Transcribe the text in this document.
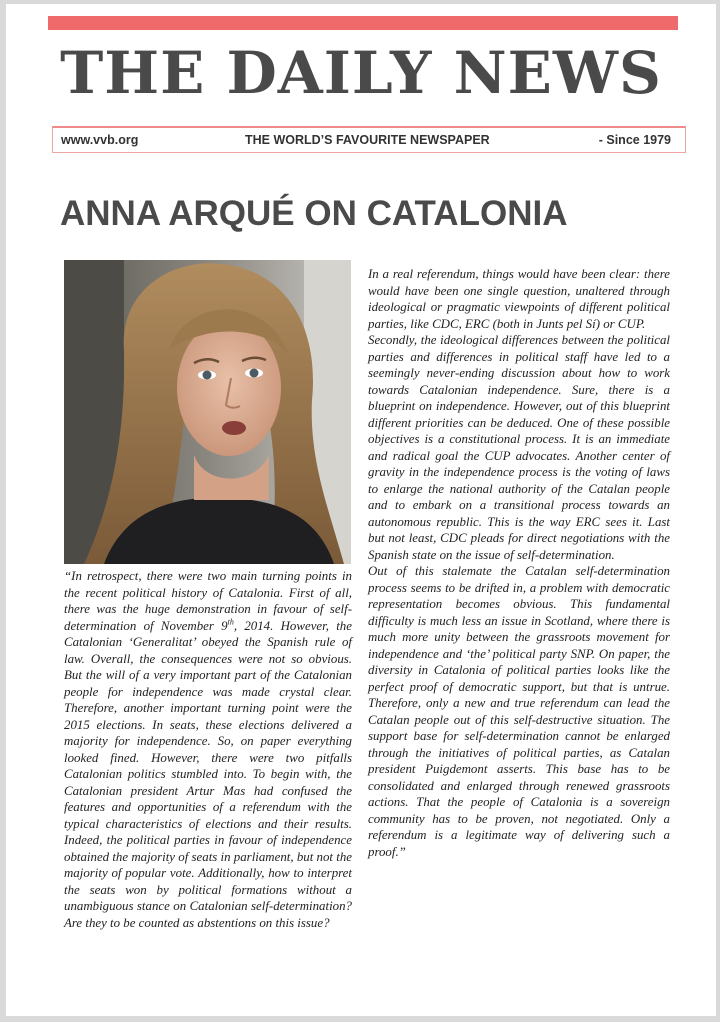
THE DAILY NEWS
www.vvb.org	THE WORLD’S FAVOURITE NEWSPAPER	- Since 1979
ANNA ARQUÉ ON CATALONIA

“In retrospect, there were two main turning points in the recent political history of Catalonia. First of all, there was the huge demonstration in favour of self-determination of November 9th, 2014. However, the Catalonian ‘Generalitat’ obeyed the Spanish rule of law. Overall, the consequences were not so obvious. But the will of a very important part of the Catalonian people for independence was made crystal clear. Therefore, another important turning point were the 2015 elections. In seats, these elections delivered a majority for independence. So, on paper everything looked fined. However, there were two pitfalls Catalonian politics stumbled into. To begin with, the Catalonian president Artur Mas had confused the features and opportunities of a referendum with the typical characteristics of elections and their results. Indeed, the political parties in favour of independence obtained the majority of seats in parliament, but not the majority of popular vote. Additionally, how to interpret the seats won by political formations without a unambiguous stance on Catalonian self-determination? Are they to be counted as abstentions on this issue?

In a real referendum, things would have been clear: there would have been one single question, unaltered through ideological or pragmatic viewpoints of different political parties, like CDC, ERC (both in Junts pel Sí) or CUP.

Secondly, the ideological differences between the political parties and differences in political staff have led to a seemingly never-ending discussion about how to work towards Catalonian independence. Sure, there is a blueprint on independence. However, out of this blueprint different priorities can be deduced. One of these possible objectives is a constitutional process. It is an immediate and radical goal the CUP advocates. Another center of gravity in the independence process is the voting of laws to enlarge the national authority of the Catalan people and to embark on a transitional process towards an autonomous republic. This is the way ERC sees it. Last but not least, CDC pleads for direct negotiations with the Spanish state on the issue of self-determination.

Out of this stalemate the Catalan self-determination process seems to be drifted in, a problem with democratic representation becomes obvious. This fundamental difficulty is much less an issue in Scotland, where there is much more unity between the grassroots movement for independence and ‘the’ political party SNP. On paper, the diversity in Catalonia of political parties looks like the perfect proof of democratic support, but that is untrue. Therefore, only a new and true referendum can lead the Catalan people out of this self-destructive situation. The support base for self-determination cannot be enlarged through the initiatives of political parties, as Catalan president Puigdemont asserts. This base has to be consolidated and enlarged through renewed grassroots actions. That the people of Catalonia is a sovereign community has to be proven, not negotiated. Only a referendum is a legitimate way of delivering such a proof.”
